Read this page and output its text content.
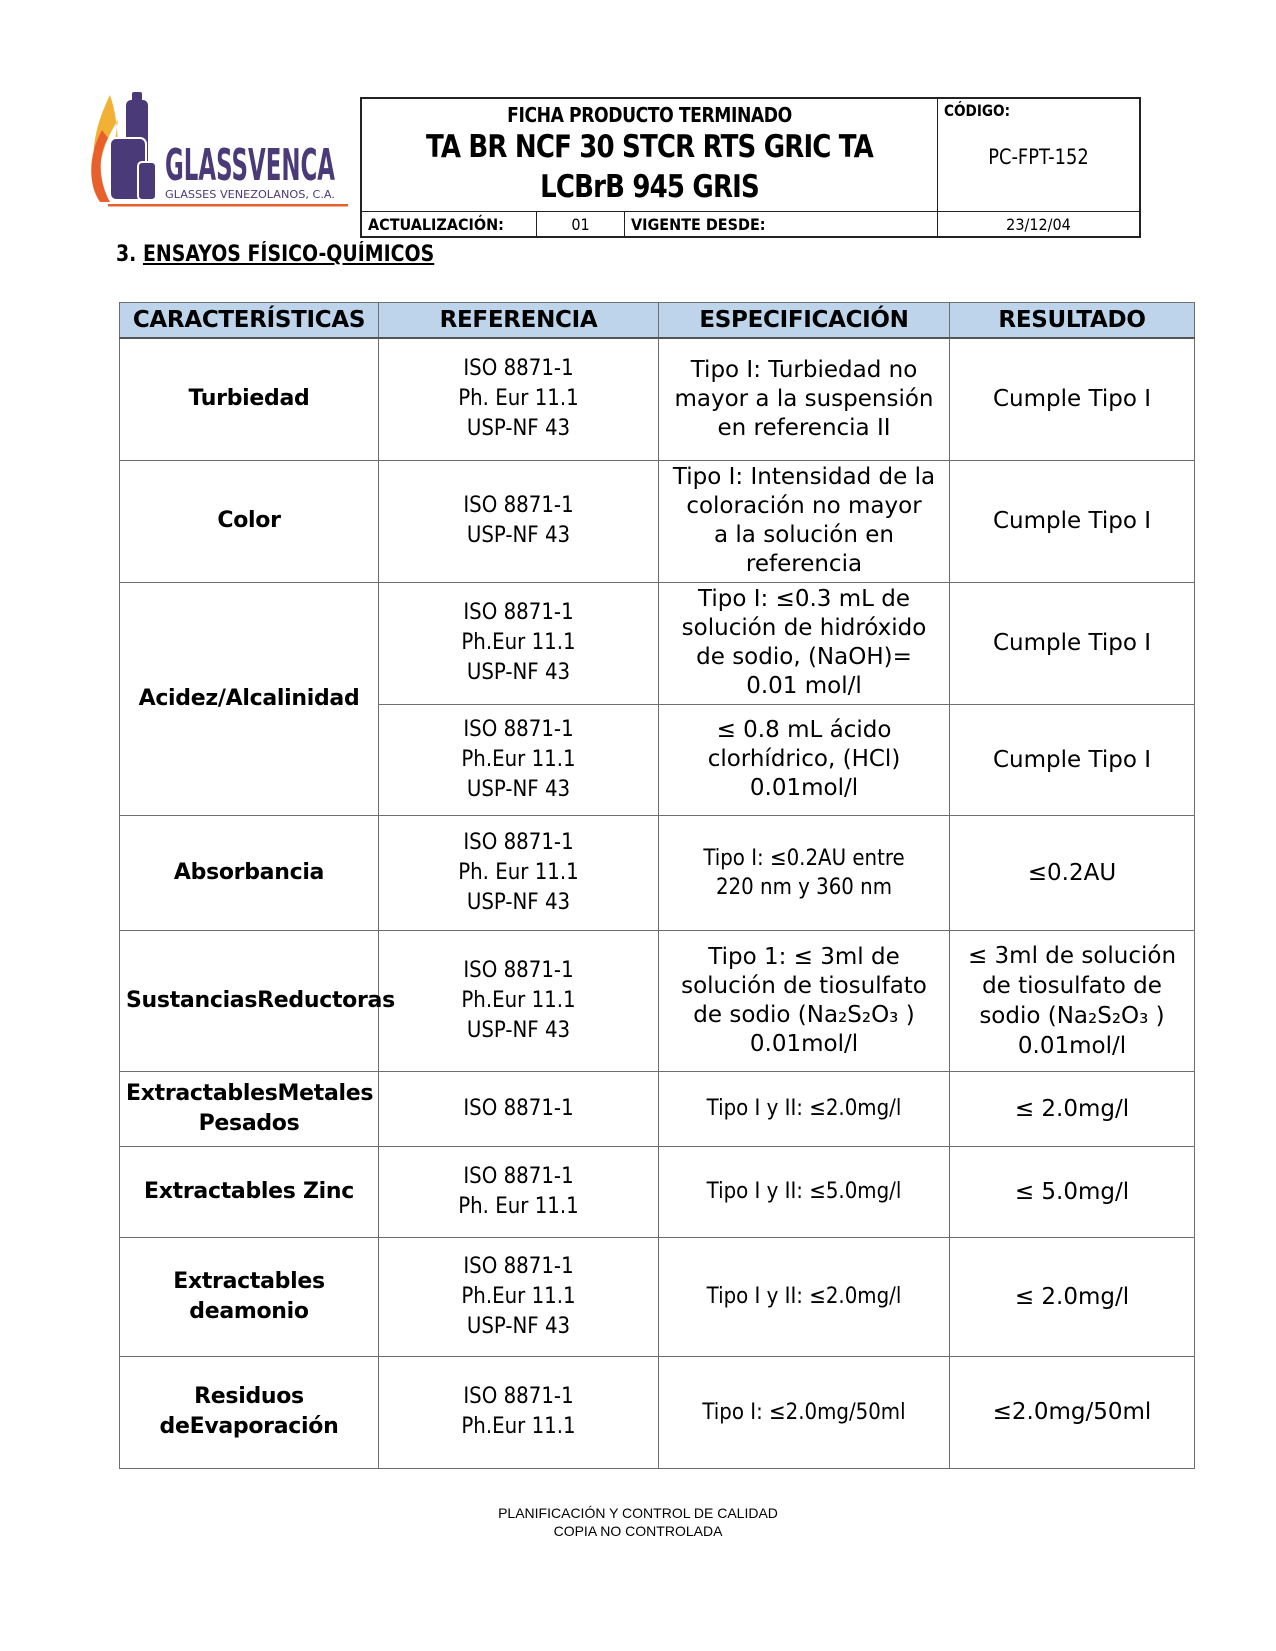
GLASSVENCA
GLASSES VENEZOLANOS, C.A.
FICHA PRODUCTO TERMINADO
TA BR NCF 30 STCR RTS GRIC TA
LCBrB 945 GRIS
CÓDIGO:
PC-FPT-152
ACTUALIZACIÓN:	01	VIGENTE DESDE:	23/12/04
3. ENSAYOS FÍSICO-QUÍMICOS
CARACTERÍSTICAS	REFERENCIA	ESPECIFICACIÓN	RESULTADO
Turbiedad	ISO 8871-1
Ph. Eur 11.1
USP-NF 43	Tipo I: Turbiedad no
mayor a la suspensión
en referencia II	Cumple Tipo I

Color	ISO 8871-1
USP-NF 43	Tipo I: Intensidad de la
coloración no mayor
a la solución en
referencia	Cumple Tipo I

Acidez/Alcalinidad	ISO 8871-1
Ph.Eur 11.1
USP-NF 43	Tipo I: ≤0.3 mL de
solución de hidróxido
de sodio, (NaOH)=
0.01 mol/l	Cumple Tipo I

	ISO 8871-1
Ph.Eur 11.1
USP-NF 43	≤ 0.8 mL ácido
clorhídrico, (HCl)
0.01mol/l	Cumple Tipo I

Absorbancia	ISO 8871-1
Ph. Eur 11.1
USP-NF 43	Tipo I: ≤0.2AU entre
220 nm y 360 nm	≤0.2AU

SustanciasReductoras	ISO 8871-1
Ph.Eur 11.1
USP-NF 43	Tipo 1: ≤ 3ml de
solución de tiosulfato
de sodio (Na₂S₂O₃ )
0.01mol/l	≤ 3ml de solución
de tiosulfato de
sodio (Na₂S₂O₃ )
0.01mol/l

ExtractablesMetales Pesados	ISO 8871-1	Tipo I y II: ≤2.0mg/l	≤ 2.0mg/l

Extractables Zinc	ISO 8871-1
Ph. Eur 11.1	Tipo I y II: ≤5.0mg/l	≤ 5.0mg/l

Extractables deamonio	ISO 8871-1
Ph.Eur 11.1
USP-NF 43	Tipo I y II: ≤2.0mg/l	≤ 2.0mg/l

Residuos deEvaporación	ISO 8871-1
Ph.Eur 11.1	Tipo I: ≤2.0mg/50ml	≤2.0mg/50ml
PLANIFICACIÓN Y CONTROL DE CALIDAD
COPIA NO CONTROLADA
